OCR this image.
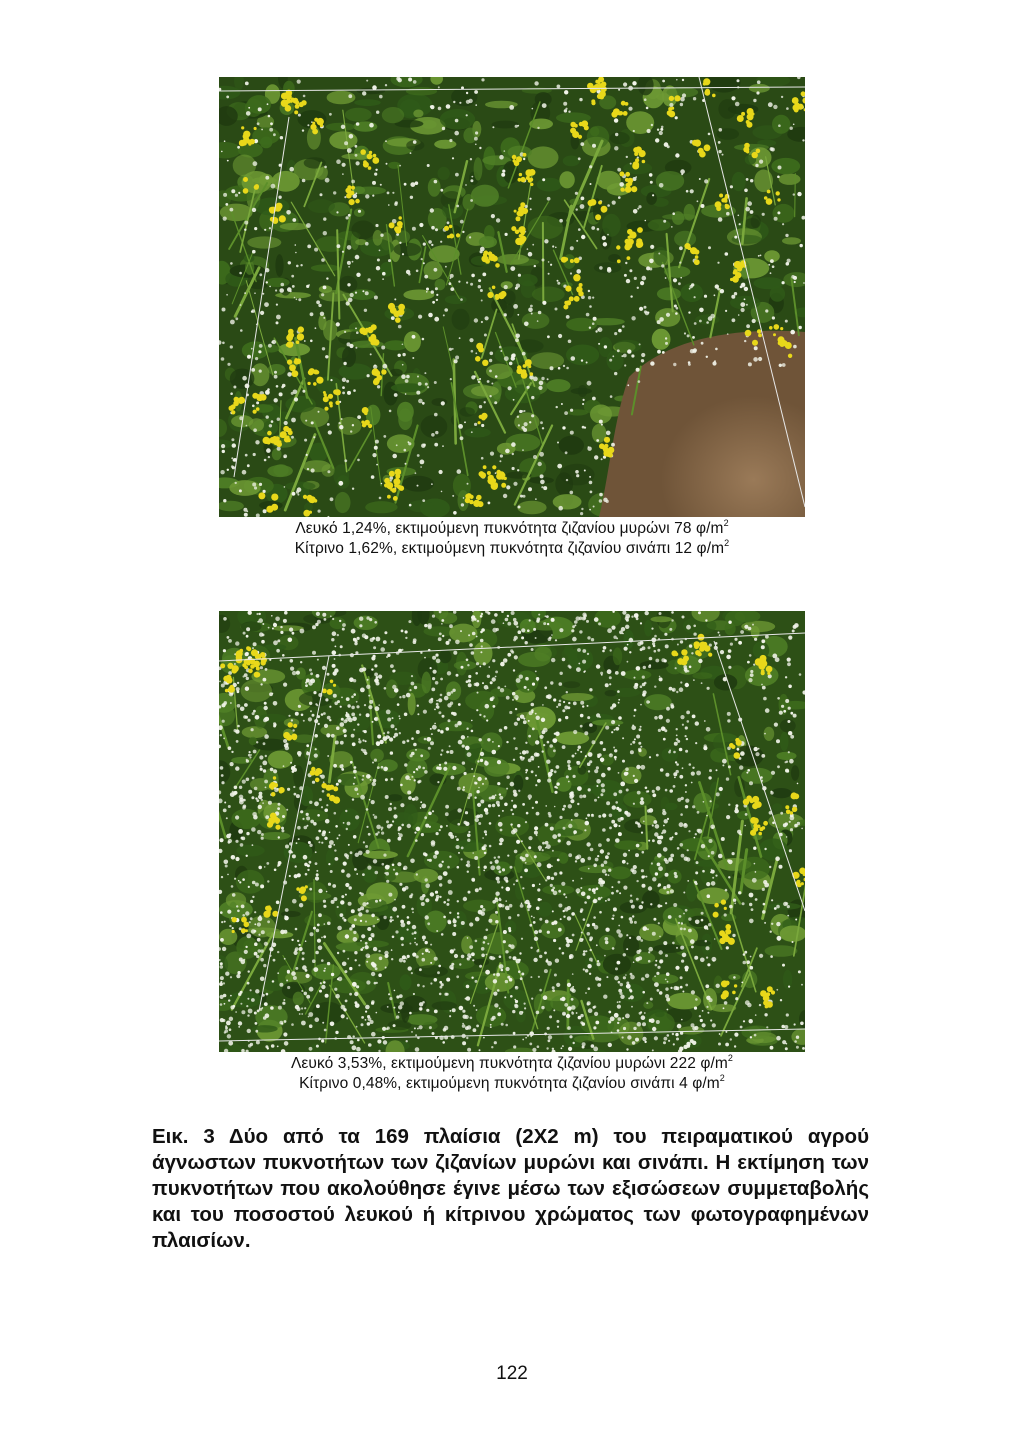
Λευκό 1,24%, εκτιμούμενη πυκνότητα ζιζανίου μυρώνι 78 $\varphi/m^2$
Κίτρινο 1,62%, εκτιμούμενη πυκνότητα ζιζανίου σινάπι 12 $\varphi/m^2$
Λευκό 3,53%, εκτιμούμενη πυκνότητα ζιζανίου μυρώνι 222 $\varphi/m^2$
Κίτρινο 0,48%, εκτιμούμενη πυκνότητα ζιζανίου σινάπι 4 $\varphi/m^2$
Εικ. 3 Δύο από τα 169 πλαίσια (2Χ2 m) του πειραματικού αγρού άγνωστων πυκνοτήτων των ζιζανίων μυρώνι και σινάπι. Η εκτίμηση των πυκνοτήτων που ακολούθησε έγινε μέσω των εξισώσεων συμμεταβολής και του ποσοστού λευκού ή κίτρινου χρώματος των φωτογραφημένων πλαισίων.
122
